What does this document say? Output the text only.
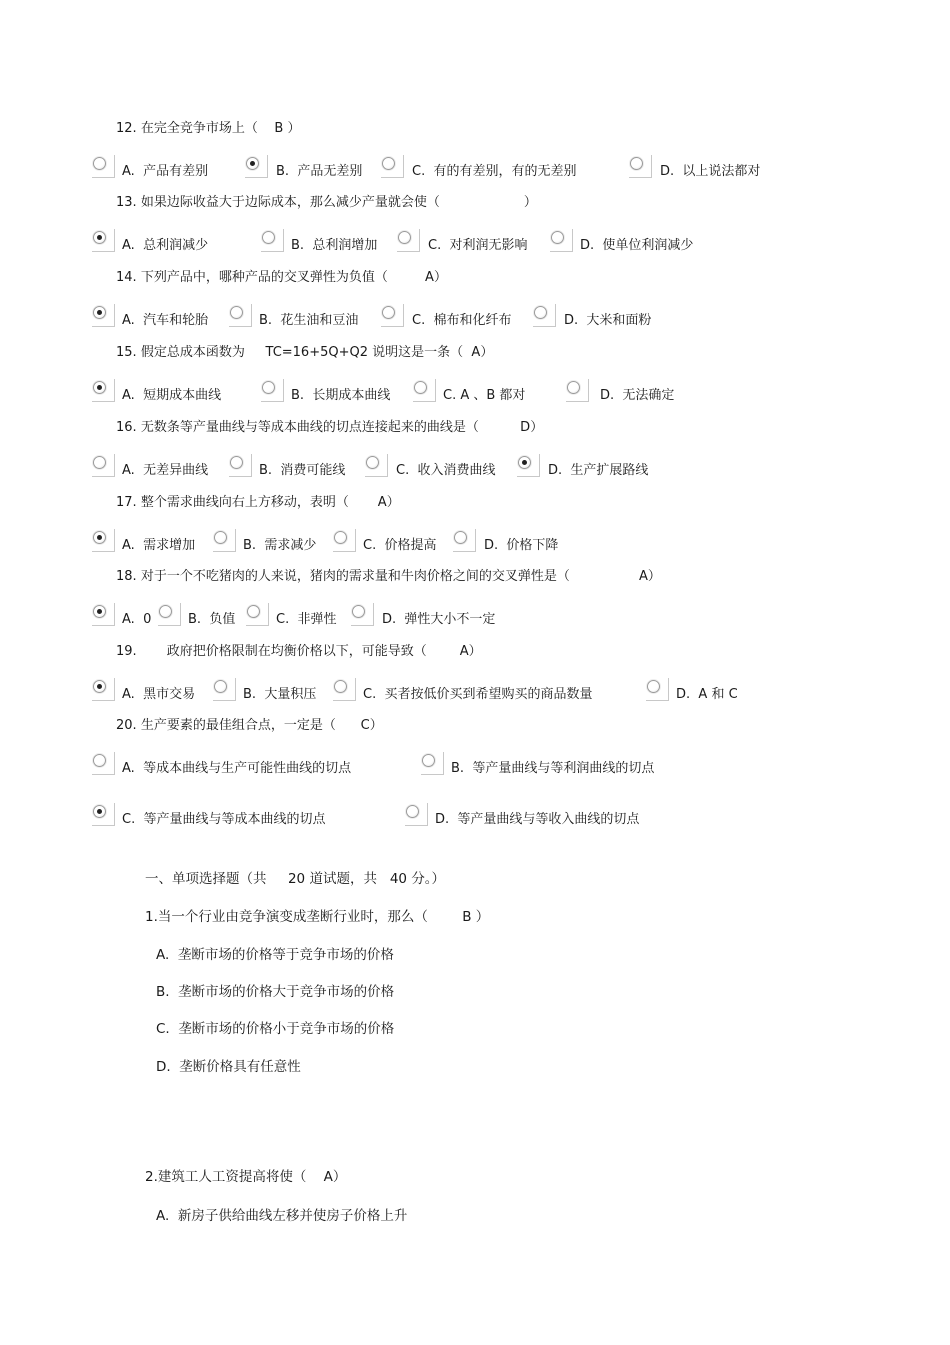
12. 在完全竞争市场上（ B ）
A. 产品有差别	B. 产品无差别	C. 有的有差别，有的无差别	D. 以上说法都对
13. 如果边际收益大于边际成本，那么减少产量就会使（	）
A. 总利润减少	B. 总利润增加	C. 对利润无影响	D. 使单位利润减少
14. 下列产品中，哪种产品的交叉弹性为负值（	A）
A. 汽车和轮胎	B. 花生油和豆油	C. 棉布和化纤布	D. 大米和面粉
15. 假定总成本函数为 TC=16+5Q+Q2 说明这是一条（ A）
A. 短期成本曲线	B. 长期成本曲线	C. A 、B 都对	D. 无法确定
16. 无数条等产量曲线与等成本曲线的切点连接起来的曲线是（	D）
A. 无差异曲线	B. 消费可能线	C. 收入消费曲线	D. 生产扩展路线
17. 整个需求曲线向右上方移动，表明（ A）
A. 需求增加	B. 需求减少	C. 价格提高	D. 价格下降
18. 对于一个不吃猪肉的人来说，猪肉的需求量和牛肉价格之间的交叉弹性是（	A）
A. 0	B. 负值	C. 非弹性	D. 弹性大小不一定
19. 政府把价格限制在均衡价格以下，可能导致（	A）
A. 黑市交易	B. 大量积压	C. 买者按低价买到希望购买的商品数量	D. A 和 C
20. 生产要素的最佳组合点，一定是（ C）
A. 等成本曲线与生产可能性曲线的切点	B. 等产量曲线与等利润曲线的切点
C. 等产量曲线与等成本曲线的切点	D. 等产量曲线与等收入曲线的切点
一、单项选择题（共 20 道试题，共 40 分。）
1.当一个行业由竞争演变成垄断行业时，那么（	B ）
A. 垄断市场的价格等于竞争市场的价格
B. 垄断市场的价格大于竞争市场的价格
C. 垄断市场的价格小于竞争市场的价格
D. 垄断价格具有任意性
2.建筑工人工资提高将使（ A）
A. 新房子供给曲线左移并使房子价格上升
